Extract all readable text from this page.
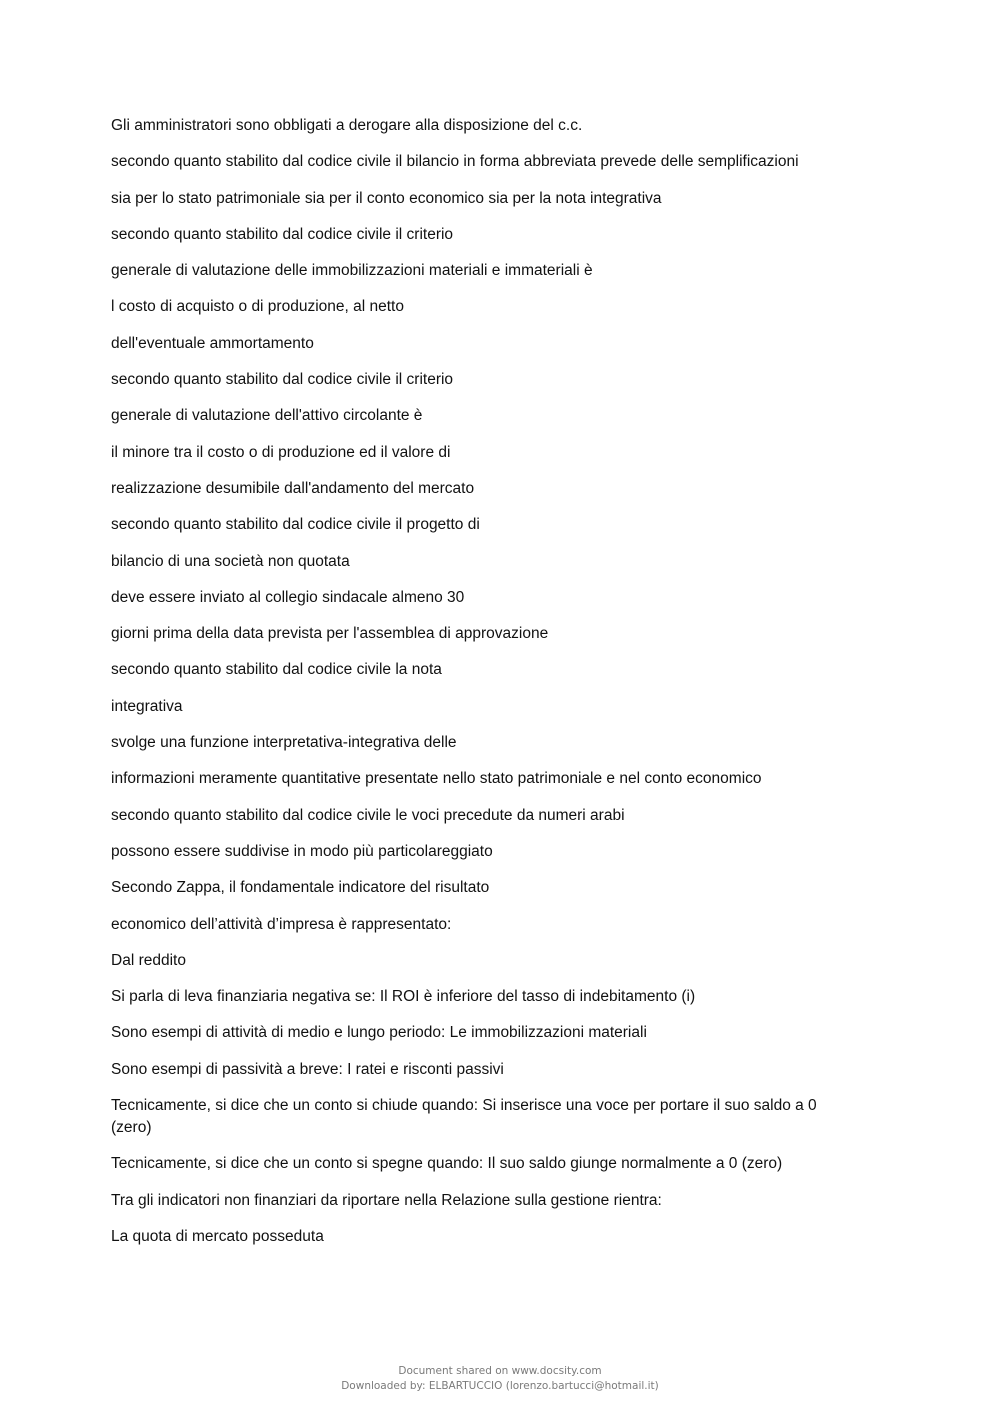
Gli amministratori sono obbligati a derogare alla disposizione del c.c.

secondo quanto stabilito dal codice civile il bilancio in forma abbreviata prevede delle semplificazioni

sia per lo stato patrimoniale sia per il conto economico sia per la nota integrativa

secondo quanto stabilito dal codice civile il criterio

generale di valutazione delle immobilizzazioni materiali e immateriali è

l costo di acquisto o di produzione, al netto

dell'eventuale ammortamento

secondo quanto stabilito dal codice civile il criterio

generale di valutazione dell'attivo circolante è

il minore tra il costo o di produzione ed il valore di

realizzazione desumibile dall'andamento del mercato

secondo quanto stabilito dal codice civile il progetto di

bilancio di una società non quotata

deve essere inviato al collegio sindacale almeno 30

giorni prima della data prevista per l'assemblea di approvazione

secondo quanto stabilito dal codice civile la nota

integrativa

svolge una funzione interpretativa-integrativa delle

informazioni meramente quantitative presentate nello stato patrimoniale e nel conto economico

secondo quanto stabilito dal codice civile le voci precedute da numeri arabi

possono essere suddivise in modo più particolareggiato

Secondo Zappa, il fondamentale indicatore del risultato

economico dell’attività d’impresa è rappresentato:

Dal reddito

Si parla di leva finanziaria negativa se: Il ROI è inferiore del tasso di indebitamento (i)

Sono esempi di attività di medio e lungo periodo: Le immobilizzazioni materiali

Sono esempi di passività a breve: I ratei e risconti passivi

Tecnicamente, si dice che un conto si chiude quando: Si inserisce una voce per portare il suo saldo a 0 (zero)

Tecnicamente, si dice che un conto si spegne quando: Il suo saldo giunge normalmente a 0 (zero)

Tra gli indicatori non finanziari da riportare nella Relazione sulla gestione rientra:

La quota di mercato posseduta

Document shared on www.docsity.com
Downloaded by: ELBARTUCCIO (lorenzo.bartucci@hotmail.it)
